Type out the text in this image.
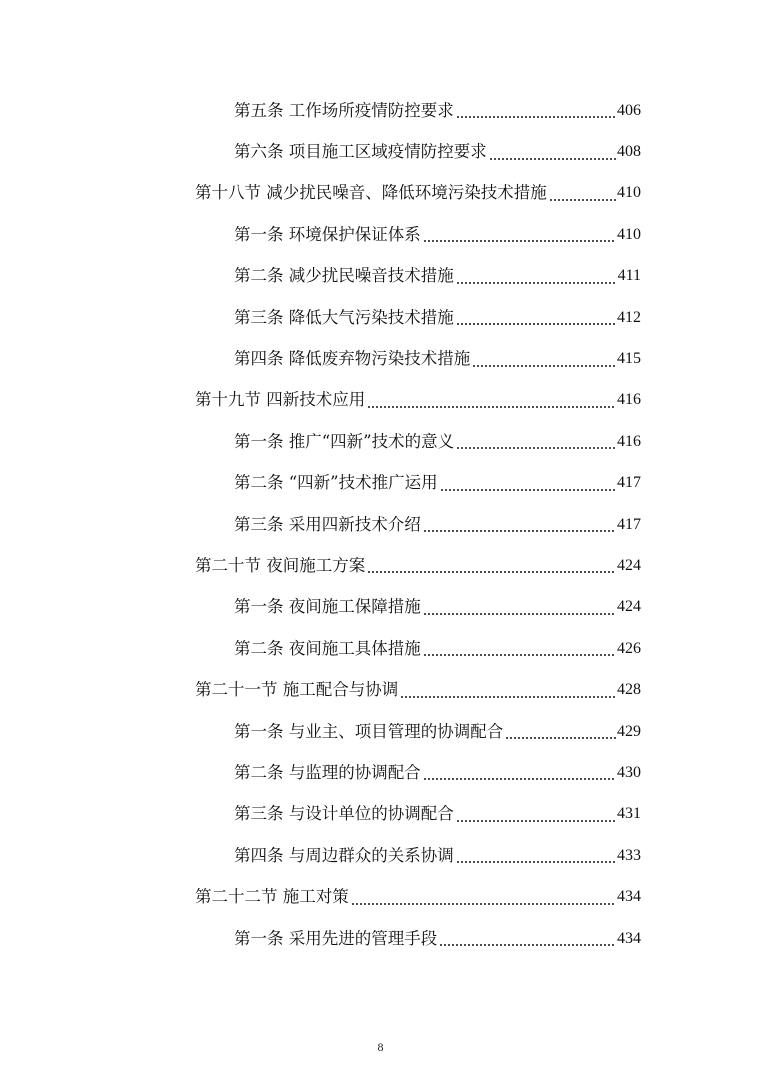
第五条 工作场所疫情防控要求	406
第六条 项目施工区域疫情防控要求	408
第十八节 减少扰民噪音、降低环境污染技术措施	410
第一条 环境保护保证体系	410
第二条 减少扰民噪音技术措施	411
第三条 降低大气污染技术措施	412
第四条 降低废弃物污染技术措施	415
第十九节 四新技术应用	416
第一条 推广“四新”技术的意义	416
第二条 “四新”技术推广运用	417
第三条 采用四新技术介绍	417
第二十节 夜间施工方案	424
第一条 夜间施工保障措施	424
第二条 夜间施工具体措施	426
第二十一节 施工配合与协调	428
第一条 与业主、项目管理的协调配合	429
第二条 与监理的协调配合	430
第三条 与设计单位的协调配合	431
第四条 与周边群众的关系协调	433
第二十二节 施工对策	434
第一条 采用先进的管理手段	434
8
